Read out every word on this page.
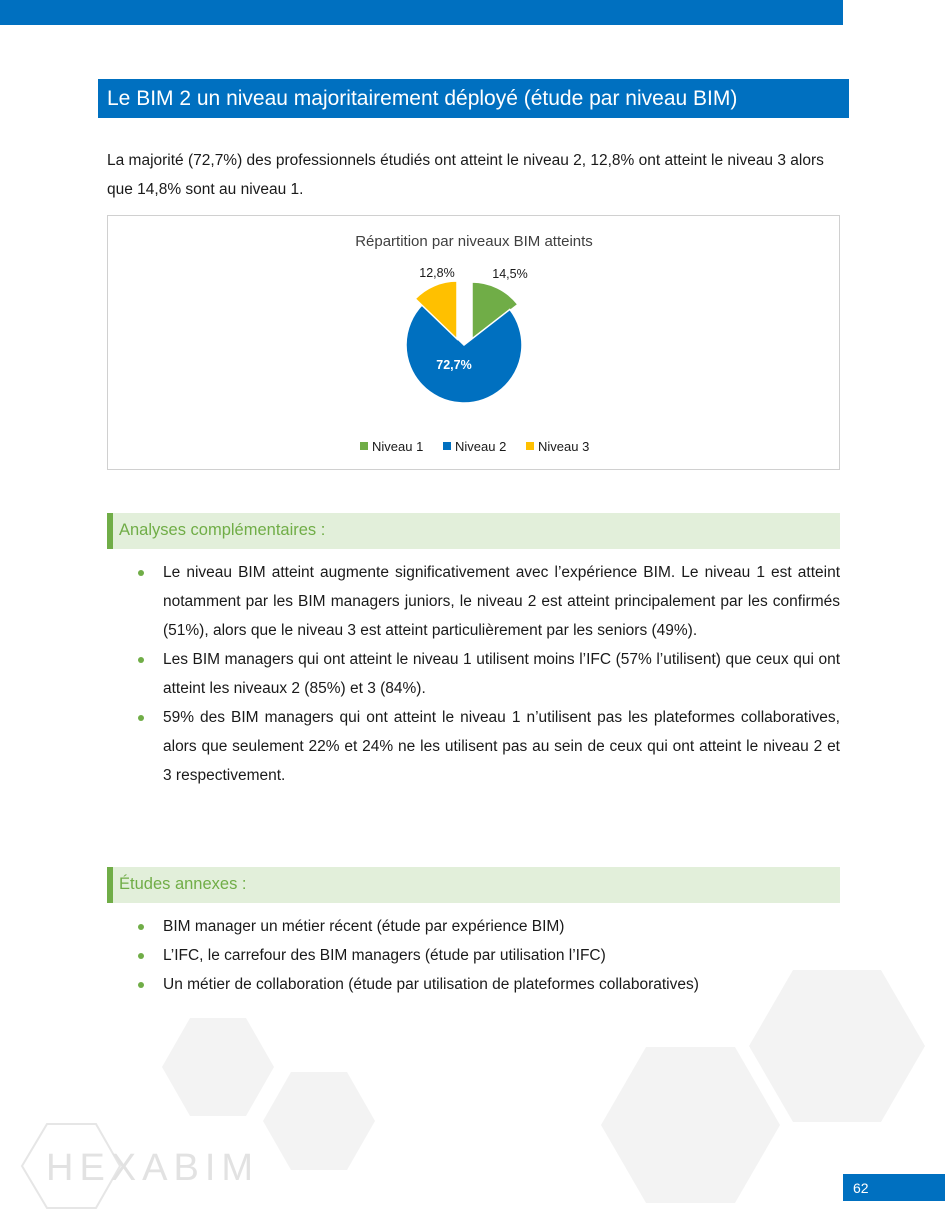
HEXABIM
Le BIM 2 un niveau majoritairement déployé (étude par niveau BIM)

La majorité (72,7%) des professionnels étudiés ont atteint le niveau 2, 12,8% ont atteint le niveau 3 alors que 14,8% sont au niveau 1.

Répartition par niveaux BIM atteints
14,5%
72,7%
12,8%
Niveau 1 Niveau 2 Niveau 3
Analyses complémentaires :
Le niveau BIM atteint augmente significativement avec l’expérience BIM. Le niveau 1 est atteint notamment par les BIM managers juniors, le niveau 2 est atteint principalement par les confirmés (51%), alors que le niveau 3 est atteint particulièrement par les seniors (49%).
Les BIM managers qui ont atteint le niveau 1 utilisent moins l’IFC (57% l’utilisent) que ceux qui ont atteint les niveaux 2 (85%) et 3 (84%).
59% des BIM managers qui ont atteint le niveau 1 n’utilisent pas les plateformes collaboratives, alors que seulement 22% et 24% ne les utilisent pas au sein de ceux qui ont atteint le niveau 2 et 3 respectivement.
Études annexes :
BIM manager un métier récent (étude par expérience BIM)
L’IFC, le carrefour des BIM managers (étude par utilisation l’IFC)
Un métier de collaboration (étude par utilisation de plateformes collaboratives)
62
